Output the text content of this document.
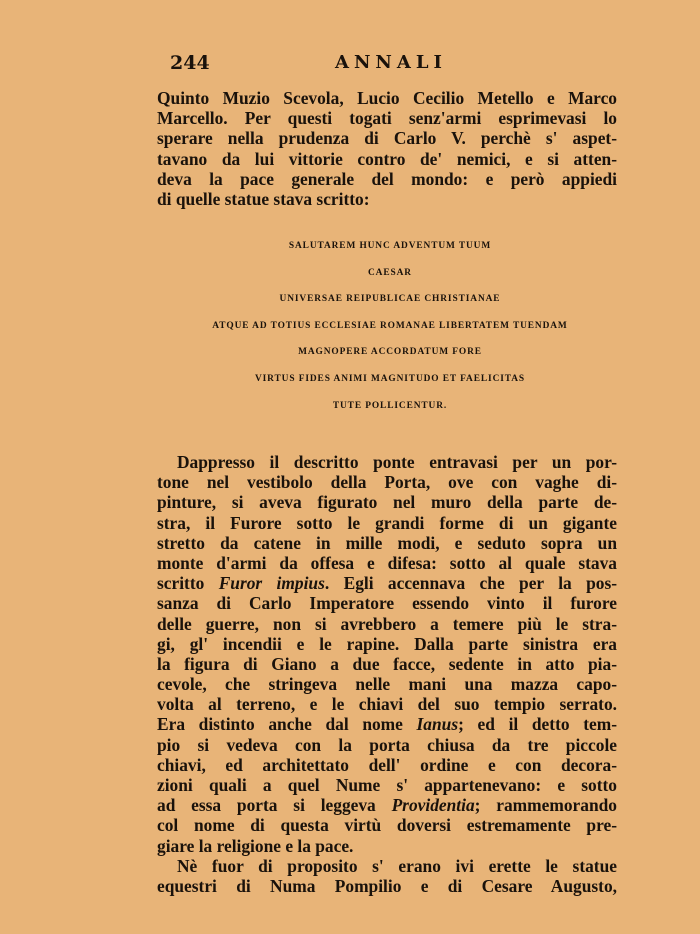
244	ANNALI
Quinto Muzio Scevola, Lucio Cecilio Metello e Marco
Marcello. Per questi togati senz'armi esprimevasi lo
sperare nella prudenza di Carlo V. perchè s' aspet-
tavano da lui vittorie contro de' nemici, e si atten-
deva la pace generale del mondo: e però appiedi
di quelle statue stava scritto:
SALUTAREM HUNC ADVENTUM TUUM
CAESAR
UNIVERSAE REIPUBLICAE CHRISTIANAE
ATQUE AD TOTIUS ECCLESIAE ROMANAE LIBERTATEM TUENDAM
MAGNOPERE ACCORDATUM FORE
VIRTUS FIDES ANIMI MAGNITUDO ET FAELICITAS
TUTE POLLICENTUR.
Dappresso il descritto ponte entravasi per un por-
tone nel vestibolo della Porta, ove con vaghe di-
pinture, si aveva figurato nel muro della parte de-
stra, il Furore sotto le grandi forme di un gigante
stretto da catene in mille modi, e seduto sopra un
monte d'armi da offesa e difesa: sotto al quale stava
scritto Furor impius. Egli accennava che per la pos-
sanza di Carlo Imperatore essendo vinto il furore
delle guerre, non si avrebbero a temere più le stra-
gi, gl' incendii e le rapine. Dalla parte sinistra era
la figura di Giano a due facce, sedente in atto pia-
cevole, che stringeva nelle mani una mazza capo-
volta al terreno, e le chiavi del suo tempio serrato.
Era distinto anche dal nome Ianus; ed il detto tem-
pio si vedeva con la porta chiusa da tre piccole
chiavi, ed architettato dell' ordine e con decora-
zioni quali a quel Nume s' appartenevano: e sotto
ad essa porta si leggeva Providentia; rammemorando
col nome di questa virtù doversi estremamente pre-
giare la religione e la pace.
Nè fuor di proposito s' erano ivi erette le statue
equestri di Numa Pompilio e di Cesare Augusto,
